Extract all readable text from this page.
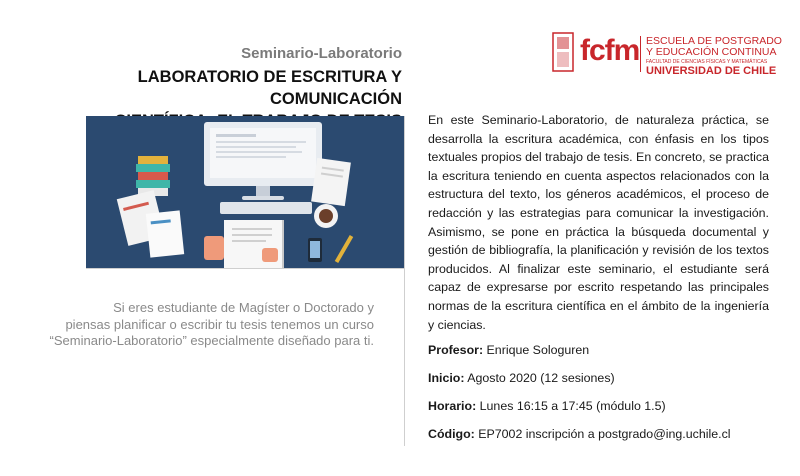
Seminario-Laboratorio
LABORATORIO DE ESCRITURA Y COMUNICACIÓN
Si eres estudiante de Magíster o Doctorado y
piensas planificar o escribir tu tesis tenemos un curso
“Seminario-Laboratorio” especialmente diseñado para ti.
fcfm ESCUELA DE POSTGRADO
Y EDUCACIÓN CONTINUA
FACULTAD DE CIENCIAS FÍSICAS Y MATEMÁTICAS
UNIVERSIDAD DE CHILE
En este Seminario-Laboratorio, de naturaleza práctica, se desarrolla la escritura académica, con énfasis en los tipos textuales propios del trabajo de tesis. En concreto, se practica la escritura teniendo en cuenta aspectos relacionados con la estructura del texto, los géneros académicos, el proceso de redacción y las estrategias para comunicar la investigación. Asimismo, se pone en práctica la búsqueda documental y gestión de bibliografía, la planificación y revisión de los textos producidos. Al finalizar este seminario, el estudiante será capaz de expresarse por escrito respetando las principales normas de la escritura científica en el ámbito de la ingeniería y ciencias.
Profesor: Enrique Sologuren
Inicio: Agosto 2020 (12 sesiones)
Horario: Lunes 16:15 a 17:45 (módulo 1.5)
Código: EP7002 inscripción a postgrado@ing.uchile.cl
